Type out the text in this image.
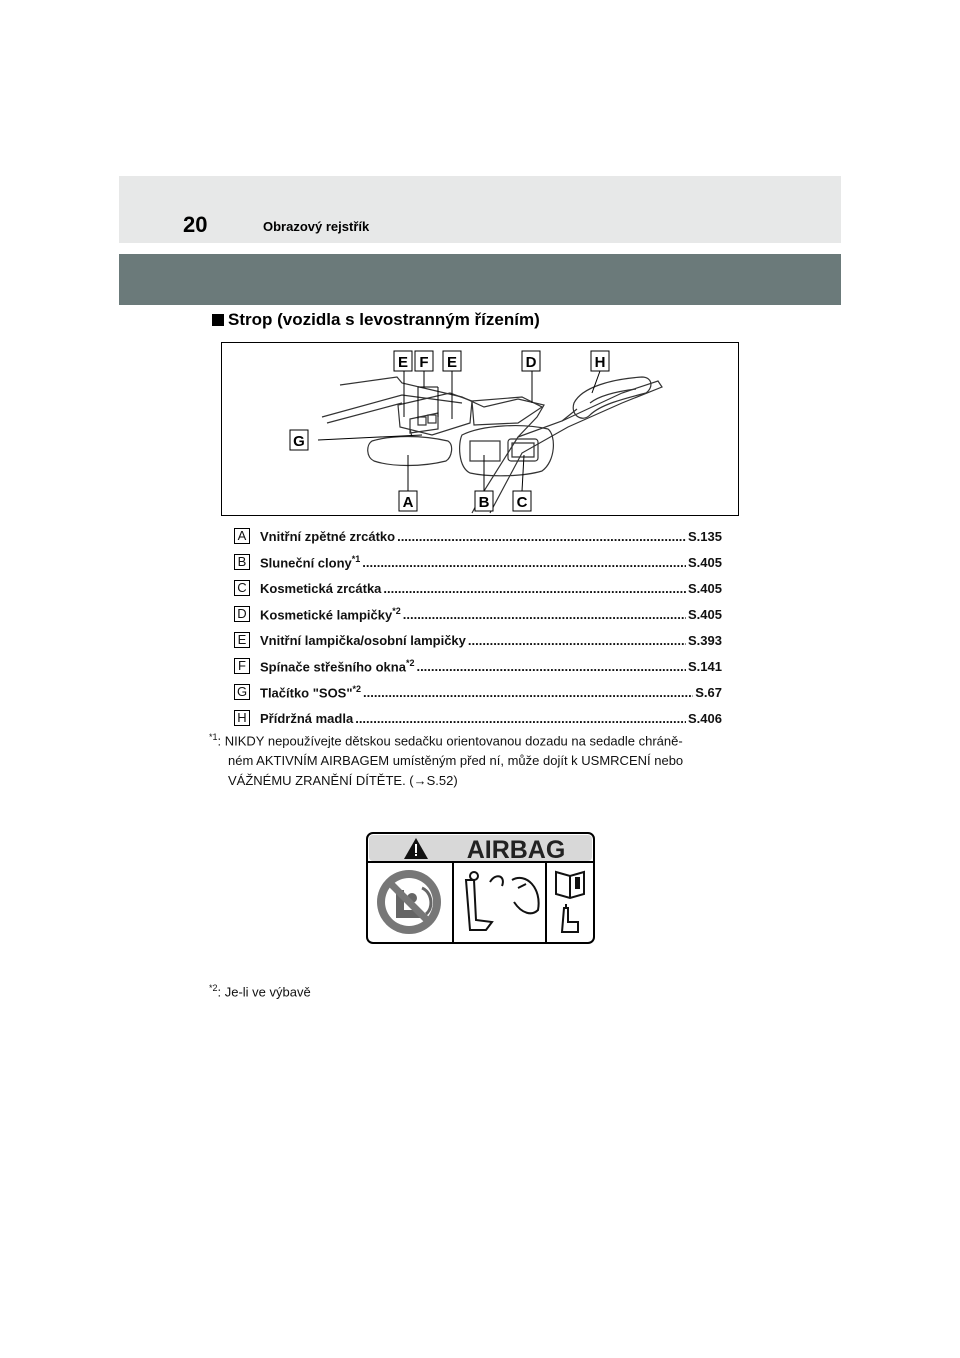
20	Obrazový rejstřík
Strop (vozidla s levostranným řízením)
E F E	D	H
G
A	B C
A Vnitřní zpětné zrcátko .....	S.135
B Sluneční clony$^{*1}$ .....	S.405
C Kosmetická zrcátka .....	S.405
D Kosmetické lampičky$^{*2}$ .....	S.405
E Vnitřní lampička/osobní lampičky .....	S.393
F	Spínače střešního okna$^{*2}$ .....	S.141
G Tlačítko "SOS"$^{*2}$ .....	S.67
H Přídržná madla .....	S.406
$^{*1}$: NIKDY nepoužívejte dětskou sedačku orientovanou dozadu na sedadle chráně-
ném AKTIVNÍM AIRBAGEM umístěným před ní, může dojít k USMRCENÍ nebo
VÁŽNÉMU ZRANĚNÍ DÍTĚTE. (→S.52)
AIRBAG
$^{*2}$: Je-li ve výbavě
